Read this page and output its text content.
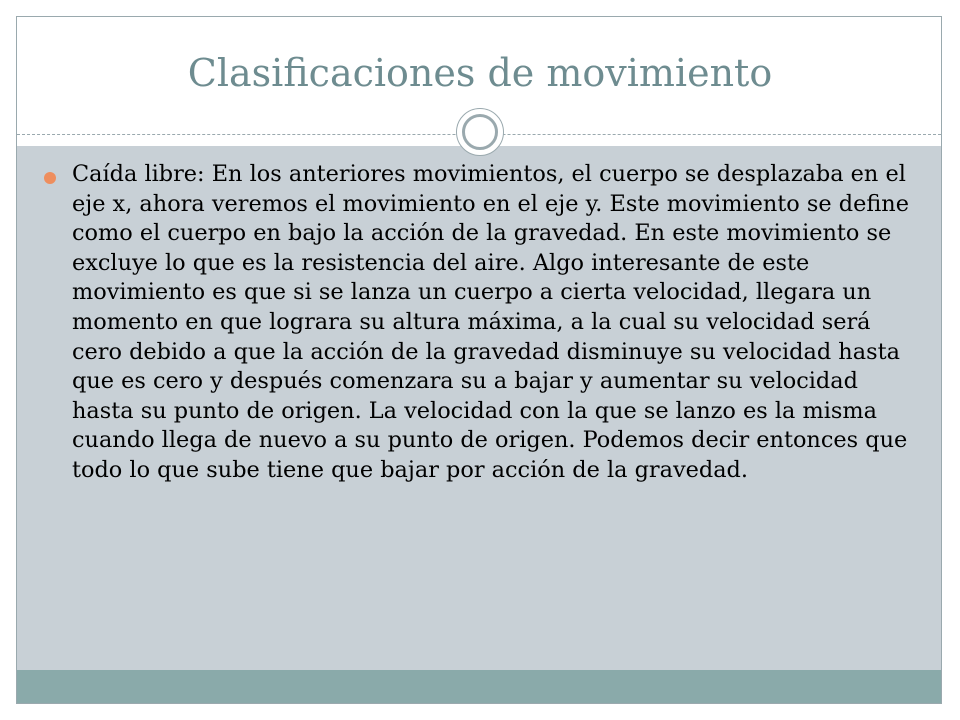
Clasificaciones de movimiento

Caída libre: En los anteriores movimientos, el cuerpo se desplazaba en el eje x, ahora veremos el movimiento en el eje y. Este movimiento se define como el cuerpo en bajo la acción de la gravedad. En este movimiento se excluye lo que es la resistencia del aire. Algo interesante de este movimiento es que si se lanza un cuerpo a cierta velocidad, llegara un momento en que lograra su altura máxima, a la cual su velocidad será cero debido a que la acción de la gravedad disminuye su velocidad hasta que es cero y después comenzara su a bajar y aumentar su velocidad hasta su punto de origen. La velocidad con la que se lanzo es la misma cuando llega de nuevo a su punto de origen. Podemos decir entonces que todo lo que sube tiene que bajar por acción de la gravedad.
